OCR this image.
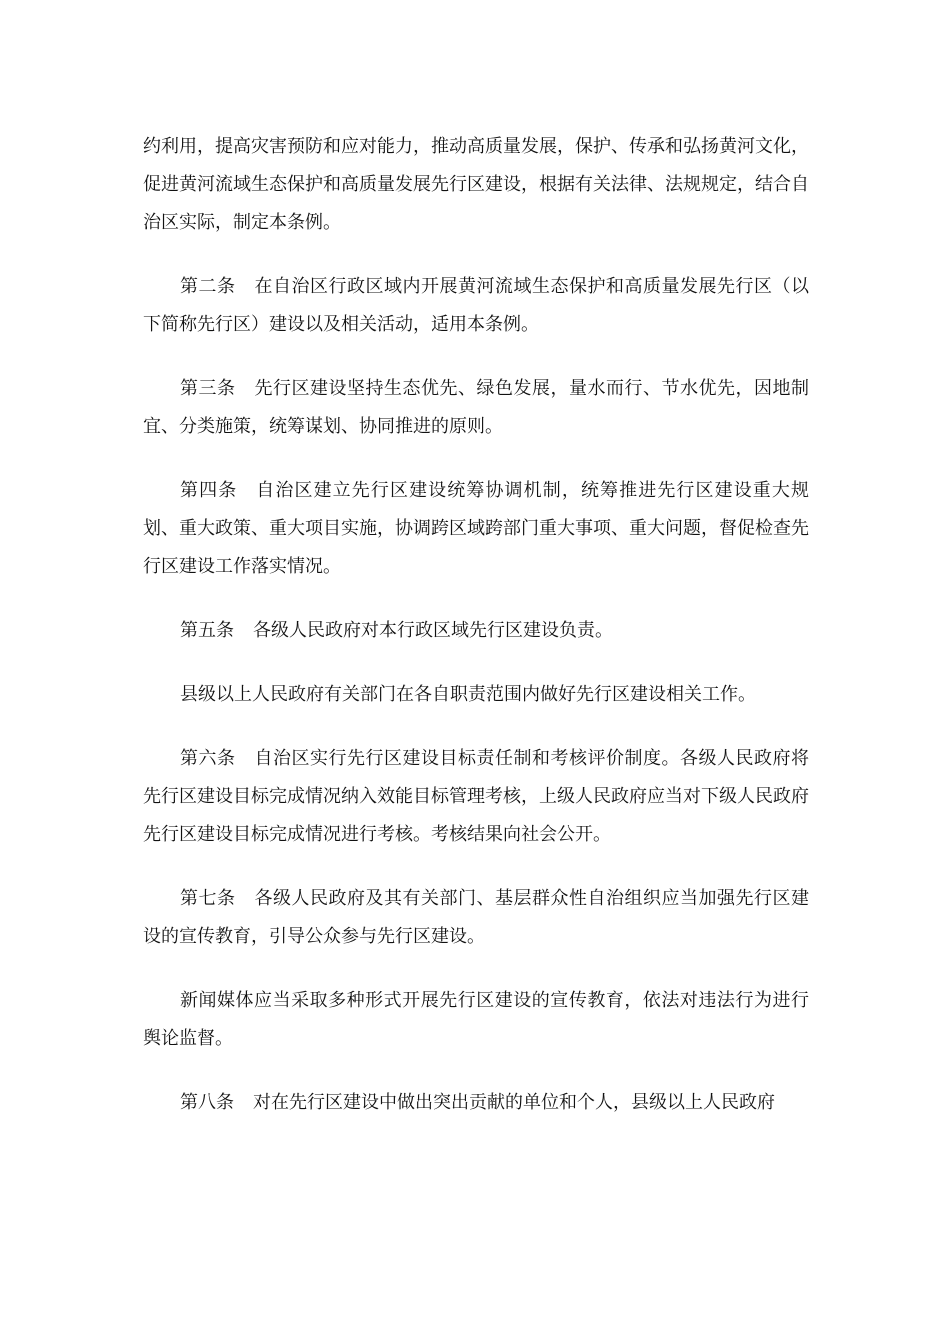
约利用，提高灾害预防和应对能力，推动高质量发展，保护、传承和弘扬黄河文化，促进黄河流域生态保护和高质量发展先行区建设，根据有关法律、法规规定，结合自治区实际，制定本条例。

第二条 在自治区行政区域内开展黄河流域生态保护和高质量发展先行区（以下简称先行区）建设以及相关活动，适用本条例。

第三条 先行区建设坚持生态优先、绿色发展，量水而行、节水优先，因地制宜、分类施策，统筹谋划、协同推进的原则。

第四条 自治区建立先行区建设统筹协调机制，统筹推进先行区建设重大规划、重大政策、重大项目实施，协调跨区域跨部门重大事项、重大问题，督促检查先行区建设工作落实情况。

第五条 各级人民政府对本行政区域先行区建设负责。

县级以上人民政府有关部门在各自职责范围内做好先行区建设相关工作。

第六条 自治区实行先行区建设目标责任制和考核评价制度。各级人民政府将先行区建设目标完成情况纳入效能目标管理考核，上级人民政府应当对下级人民政府先行区建设目标完成情况进行考核。考核结果向社会公开。

第七条 各级人民政府及其有关部门、基层群众性自治组织应当加强先行区建设的宣传教育，引导公众参与先行区建设。

新闻媒体应当采取多种形式开展先行区建设的宣传教育，依法对违法行为进行舆论监督。

第八条 对在先行区建设中做出突出贡献的单位和个人，县级以上人民政府
